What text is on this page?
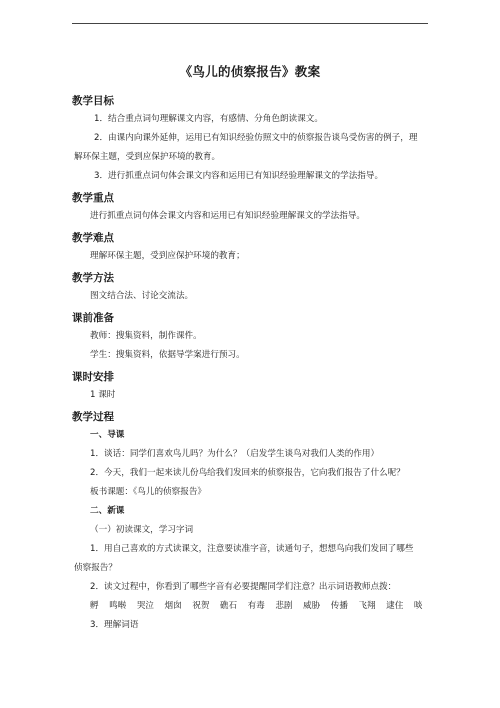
《鸟儿的侦察报告》教案
教学目标
1．结合重点词句理解课文内容，有感情、分角色朗读课文。
2．由课内向课外延伸，运用已有知识经验仿照文中的侦察报告谈鸟受伤害的例子，理
解环保主题，受到应保护环境的教育。
3．进行抓重点词句体会课文内容和运用已有知识经验理解课文的学法指导。
教学重点
进行抓重点词句体会课文内容和运用已有知识经验理解课文的学法指导。
教学难点
理解环保主题，受到应保护环境的教育；
教学方法
图文结合法、讨论交流法。
课前准备
教师：搜集资料，制作课件。
学生：搜集资料，依据导学案进行预习。
课时安排
1 课时
教学过程
一、导课
1．谈话：同学们喜欢鸟儿吗？为什么？（启发学生谈鸟对我们人类的作用）
2．今天，我们一起来读儿份鸟给我们发回来的侦察报告，它向我们报告了什么呢？
板书课题：《鸟儿的侦察报告》
二、新课
（一）初读课文，学习字词
1．用自己喜欢的方式读课文，注意要读准字音，读通句子，想想鸟向我们发回了哪些
侦察报告？
2．读文过程中，你看到了哪些字音有必要提醒同学们注意？出示词语教师点拨：
孵 鸣啭 哭泣 烟囱 祝贺 礁石 有毒 悲剧 威胁 传播 飞翔 逮住 啖
3．理解词语
